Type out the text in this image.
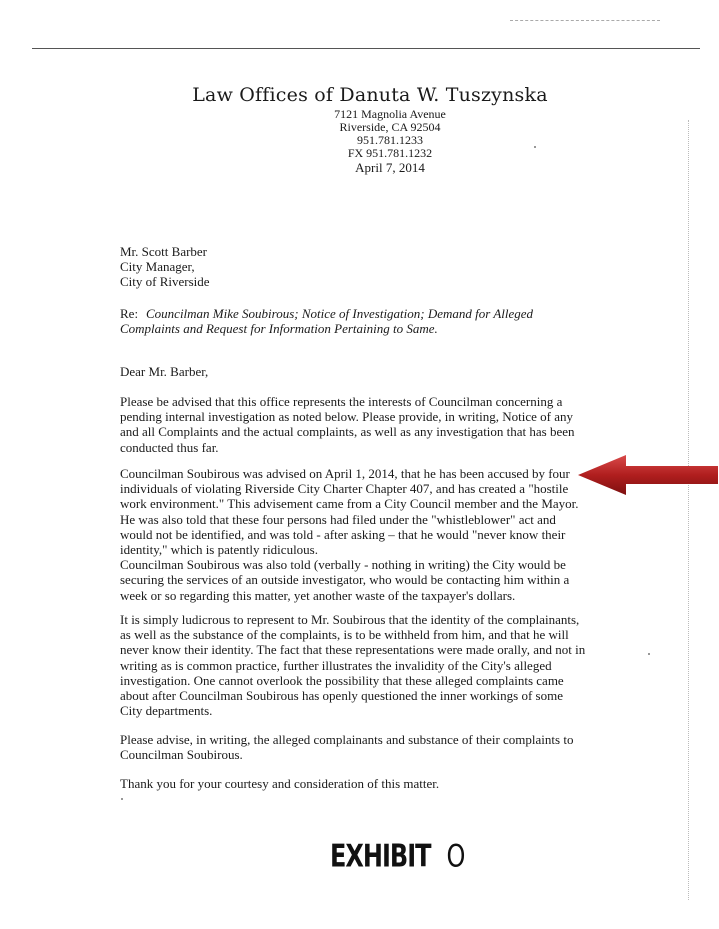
Law Offices of Danuta W. Tuszynska
7121 Magnolia Avenue
Riverside, CA 92504
951.781.1233
FX 951.781.1232
April 7, 2014
Mr. Scott Barber
City Manager,
City of Riverside
Re: Councilman Mike Soubirous; Notice of Investigation; Demand for Alleged
Complaints and Request for Information Pertaining to Same.
Dear Mr. Barber,

Please be advised that this office represents the interests of Councilman concerning a

pending internal investigation as noted below. Please provide, in writing, Notice of any

and all Complaints and the actual complaints, as well as any investigation that has been

conducted thus far.

Councilman Soubirous was advised on April 1, 2014, that he has been accused by four

individuals of violating Riverside City Charter Chapter 407, and has created a "hostile

work environment." This advisement came from a City Council member and the Mayor.

He was also told that these four persons had filed under the "whistleblower" act and

would not be identified, and was told - after asking – that he would "never know their

identity," which is patently ridiculous.

Councilman Soubirous was also told (verbally - nothing in writing) the City would be

securing the services of an outside investigator, who would be contacting him within a

week or so regarding this matter, yet another waste of the taxpayer's dollars.

It is simply ludicrous to represent to Mr. Soubirous that the identity of the complainants,

as well as the substance of the complaints, is to be withheld from him, and that he will

never know their identity. The fact that these representations were made orally, and not in

writing as is common practice, further illustrates the invalidity of the City's alleged

investigation. One cannot overlook the possibility that these alleged complaints came

about after Councilman Soubirous has openly questioned the inner workings of some

City departments.

Please advise, in writing, the alleged complainants and substance of their complaints to

Councilman Soubirous.

Thank you for your courtesy and consideration of this matter.
EXHIBIT O
